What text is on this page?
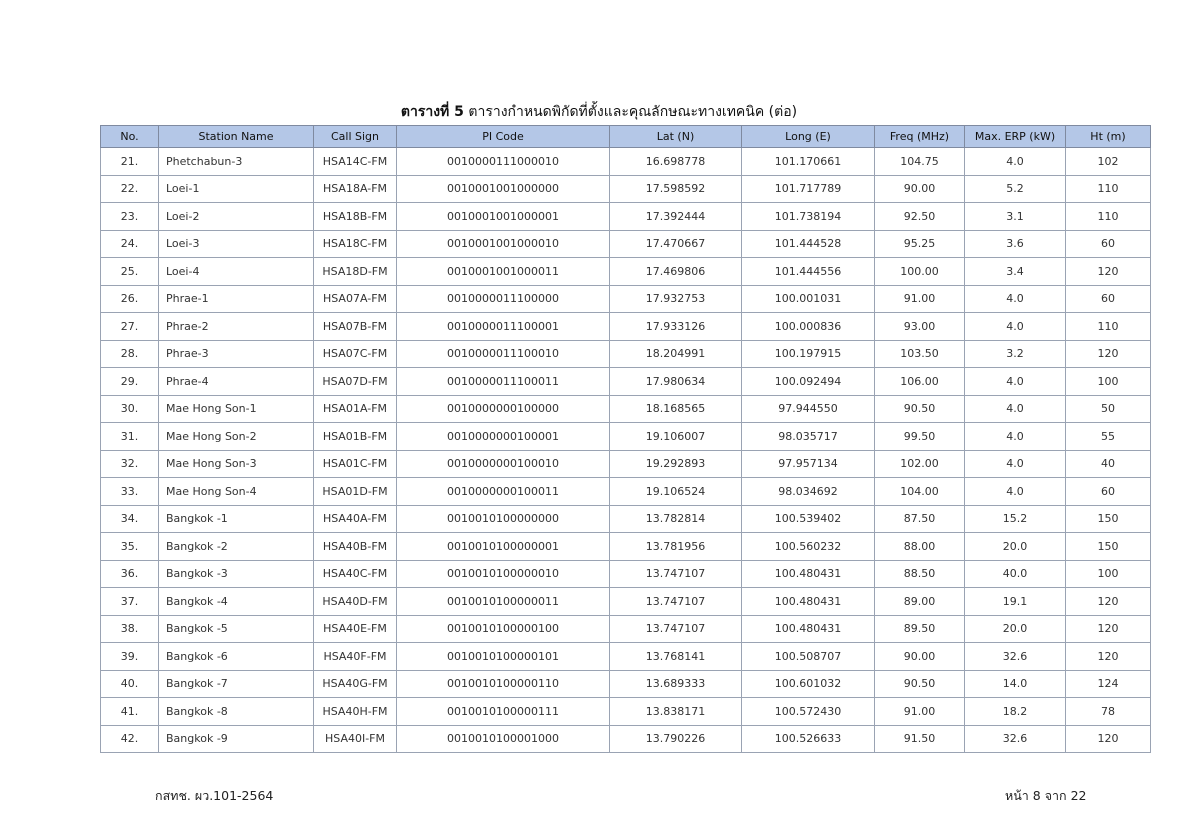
ตารางที่ 5 ตารางกำหนดพิกัดที่ตั้งและคุณลักษณะทางเทคนิค (ต่อ)
No.	Station Name	Call Sign	PI Code	Lat (N)	Long (E)	Freq (MHz)	Max. ERP (kW)	Ht (m)
21.	Phetchabun-3	HSA14C-FM	0010000111000010	16.698778	101.170661	104.75	4.0	102
22.	Loei-1	HSA18A-FM	0010001001000000	17.598592	101.717789	90.00	5.2	110
23.	Loei-2	HSA18B-FM	0010001001000001	17.392444	101.738194	92.50	3.1	110
24.	Loei-3	HSA18C-FM	0010001001000010	17.470667	101.444528	95.25	3.6	60
25.	Loei-4	HSA18D-FM	0010001001000011	17.469806	101.444556	100.00	3.4	120
26.	Phrae-1	HSA07A-FM	0010000011100000	17.932753	100.001031	91.00	4.0	60
27.	Phrae-2	HSA07B-FM	0010000011100001	17.933126	100.000836	93.00	4.0	110
28.	Phrae-3	HSA07C-FM	0010000011100010	18.204991	100.197915	103.50	3.2	120
29.	Phrae-4	HSA07D-FM	0010000011100011	17.980634	100.092494	106.00	4.0	100
30.	Mae Hong Son-1	HSA01A-FM	0010000000100000	18.168565	97.944550	90.50	4.0	50
31.	Mae Hong Son-2	HSA01B-FM	0010000000100001	19.106007	98.035717	99.50	4.0	55
32.	Mae Hong Son-3	HSA01C-FM	0010000000100010	19.292893	97.957134	102.00	4.0	40
33.	Mae Hong Son-4	HSA01D-FM	0010000000100011	19.106524	98.034692	104.00	4.0	60
34.	Bangkok -1	HSA40A-FM	0010010100000000	13.782814	100.539402	87.50	15.2	150
35.	Bangkok -2	HSA40B-FM	0010010100000001	13.781956	100.560232	88.00	20.0	150
36.	Bangkok -3	HSA40C-FM	0010010100000010	13.747107	100.480431	88.50	40.0	100
37.	Bangkok -4	HSA40D-FM	0010010100000011	13.747107	100.480431	89.00	19.1	120
38.	Bangkok -5	HSA40E-FM	0010010100000100	13.747107	100.480431	89.50	20.0	120
39.	Bangkok -6	HSA40F-FM	0010010100000101	13.768141	100.508707	90.00	32.6	120
40.	Bangkok -7	HSA40G-FM	0010010100000110	13.689333	100.601032	90.50	14.0	124
41.	Bangkok -8	HSA40H-FM	0010010100000111	13.838171	100.572430	91.00	18.2	78
42.	Bangkok -9	HSA40I-FM	0010010100001000	13.790226	100.526633	91.50	32.6	120
กสทช. ผว.101-2564	หน้า 8 จาก 22
